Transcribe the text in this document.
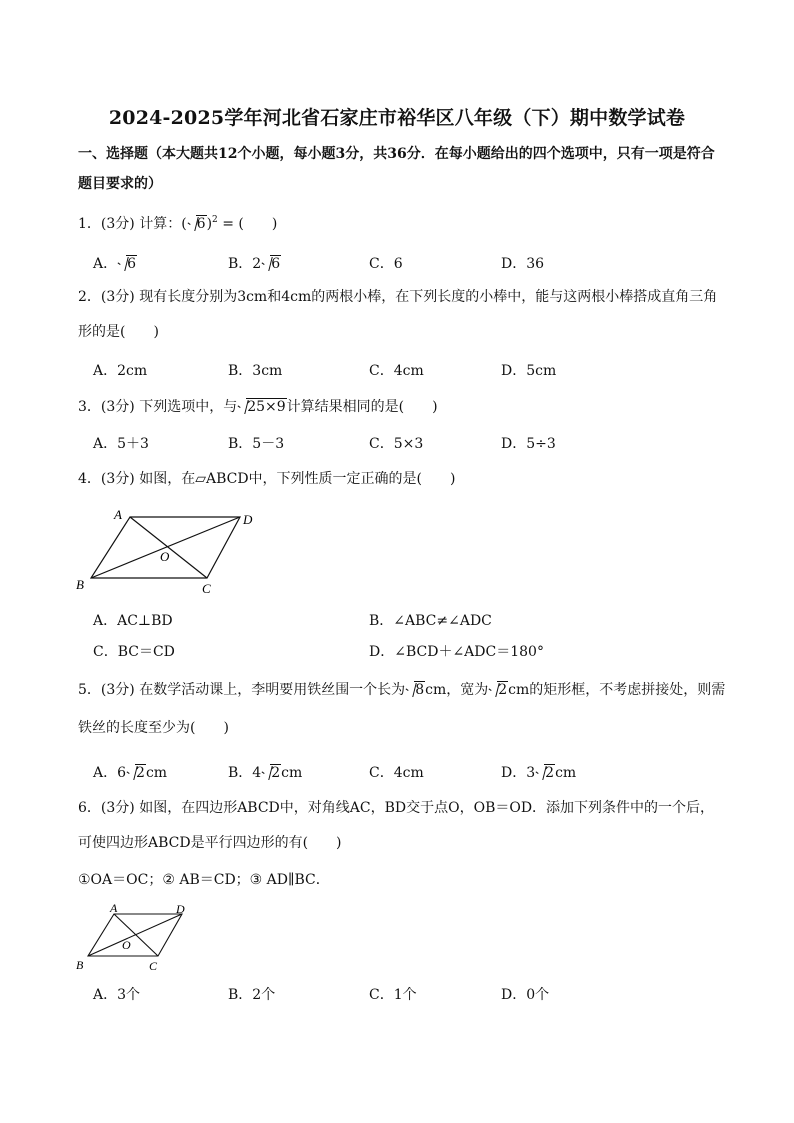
2024-2025学年河北省石家庄市裕华区八年级（下）期中数学试卷
一、选择题（本大题共12个小题，每小题3分，共36分．在每小题给出的四个选项中，只有一项是符合
题目要求的）
1．(3分) 计算：( 6)$^2$ = (　　)
A． 6	B．2 6	C．6	D．36
2．(3分) 现有长度分别为3cm和4cm的两根小棒，在下列长度的小棒中，能与这两根小棒搭成直角三角
形的是(　　)
A．2cm	B．3cm	C．4cm	D．5cm
3．(3分) 下列选项中，与 25×9计算结果相同的是(　　)
A．5＋3	B．5－3	C．5×3	D．5÷3
4．(3分) 如图，在▱ABCD中，下列性质一定正确的是(　　)
A	D
B	C
O
A．AC⊥BD	B．∠ABC≠∠ADC
C．BC＝CD	D．∠BCD＋∠ADC＝180°
5．(3分) 在数学活动课上，李明要用铁丝围一个长为 8cm，宽为 2cm的矩形框，不考虑拼接处，则需
铁丝的长度至少为(　　)
A．6 2cm	B．4 2cm	C．4cm	D．3 2cm
6．(3分) 如图，在四边形ABCD中，对角线AC，BD交于点O，OB＝OD．添加下列条件中的一个后，
可使四边形ABCD是平行四边形的有(　　)
①OA＝OC；② AB＝CD；③ AD∥BC．
A	D
B	C
O
A．3个	B．2个	C．1个	D．0个
